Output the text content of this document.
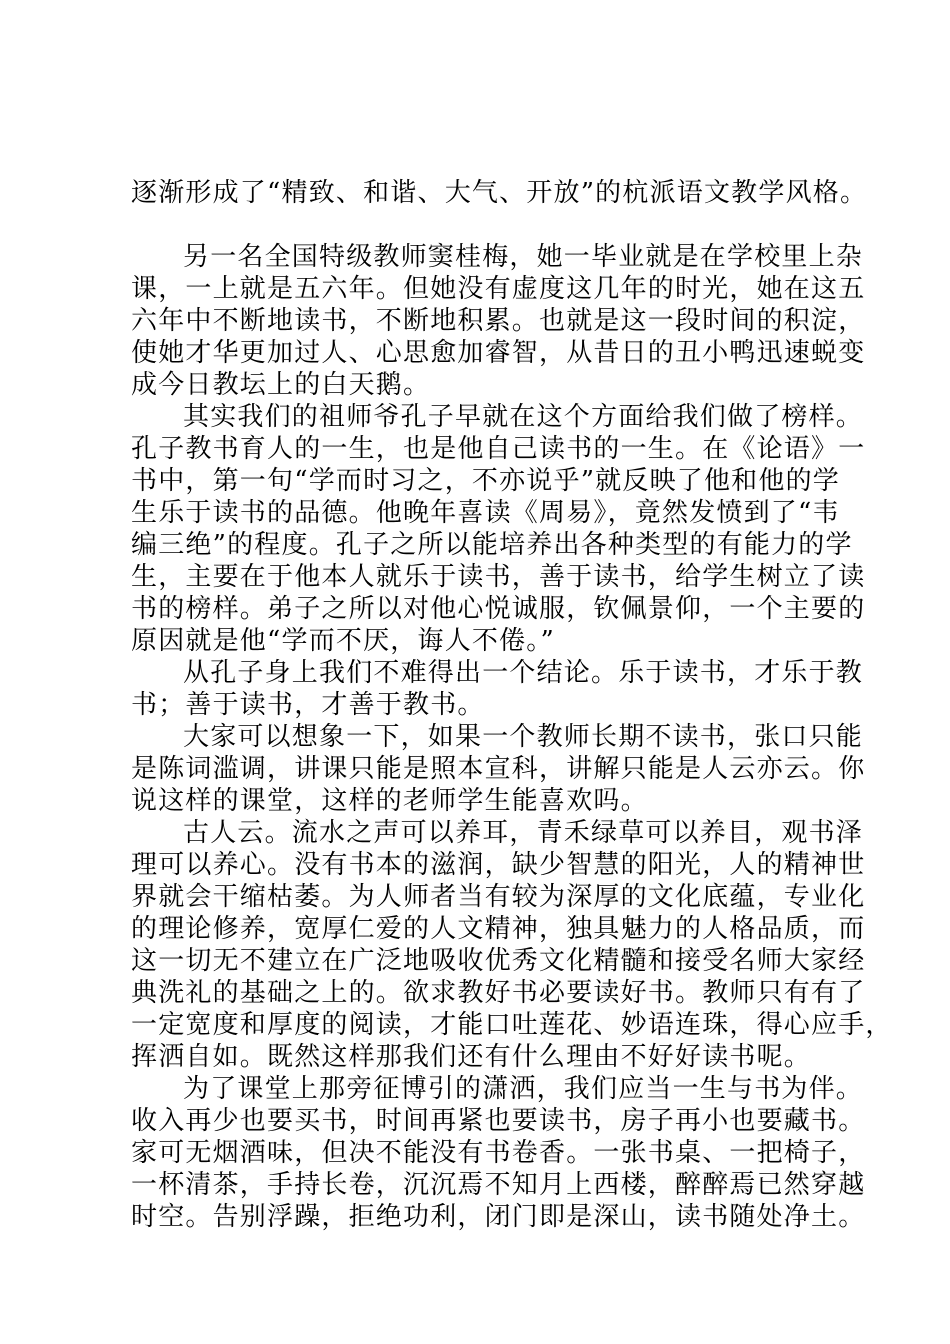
逐渐形成了“精致、和谐、大气、开放”的杭派语文教学风格。
另一名全国特级教师窦桂梅，她一毕业就是在学校里上杂
课，一上就是五六年。但她没有虚度这几年的时光，她在这五
六年中不断地读书，不断地积累。也就是这一段时间的积淀，
使她才华更加过人、心思愈加睿智，从昔日的丑小鸭迅速蜕变
成今日教坛上的白天鹅。
其实我们的祖师爷孔子早就在这个方面给我们做了榜样。
孔子教书育人的一生，也是他自己读书的一生。在《论语》一
书中，第一句“学而时习之，不亦说乎”就反映了他和他的学
生乐于读书的品德。他晚年喜读《周易》，竟然发愤到了“韦
编三绝”的程度。孔子之所以能培养出各种类型的有能力的学
生，主要在于他本人就乐于读书，善于读书，给学生树立了读
书的榜样。弟子之所以对他心悦诚服，钦佩景仰，一个主要的
原因就是他“学而不厌，诲人不倦。”
从孔子身上我们不难得出一个结论。乐于读书，才乐于教
书；善于读书，才善于教书。
大家可以想象一下，如果一个教师长期不读书，张口只能
是陈词滥调，讲课只能是照本宣科，讲解只能是人云亦云。你
说这样的课堂，这样的老师学生能喜欢吗。
古人云。流水之声可以养耳，青禾绿草可以养目，观书泽
理可以养心。没有书本的滋润，缺少智慧的阳光，人的精神世
界就会干缩枯萎。为人师者当有较为深厚的文化底蕴，专业化
的理论修养，宽厚仁爱的人文精神，独具魅力的人格品质，而
这一切无不建立在广泛地吸收优秀文化精髓和接受名师大家经
典洗礼的基础之上的。欲求教好书必要读好书。教师只有有了
一定宽度和厚度的阅读，才能口吐莲花、妙语连珠，得心应手，
挥洒自如。既然这样那我们还有什么理由不好好读书呢。
为了课堂上那旁征博引的潇洒，我们应当一生与书为伴。
收入再少也要买书，时间再紧也要读书，房子再小也要藏书。
家可无烟酒味，但决不能没有书卷香。一张书桌、一把椅子，
一杯清茶，手持长卷，沉沉焉不知月上西楼，醉醉焉已然穿越
时空。告别浮躁，拒绝功利，闭门即是深山，读书随处净土。
